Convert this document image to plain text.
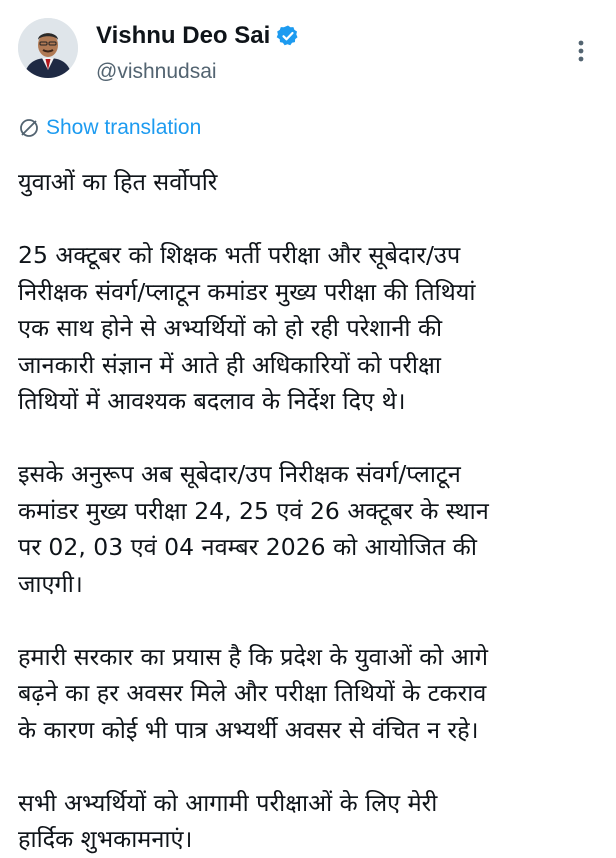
Vishnu Deo Sai
@vishnudsai
Show translation

युवाओं का हित सर्वोपरि

25 अक्टूबर को शिक्षक भर्ती परीक्षा और सूबेदार/उप
निरीक्षक संवर्ग/प्लाटून कमांडर मुख्य परीक्षा की तिथियां
एक साथ होने से अभ्यर्थियों को हो रही परेशानी की
जानकारी संज्ञान में आते ही अधिकारियों को परीक्षा
तिथियों में आवश्यक बदलाव के निर्देश दिए थे।

इसके अनुरूप अब सूबेदार/उप निरीक्षक संवर्ग/प्लाटून
कमांडर मुख्य परीक्षा 24, 25 एवं 26 अक्टूबर के स्थान
पर 02, 03 एवं 04 नवम्बर 2026 को आयोजित की
जाएगी।

हमारी सरकार का प्रयास है कि प्रदेश के युवाओं को आगे
बढ़ने का हर अवसर मिले और परीक्षा तिथियों के टकराव
के कारण कोई भी पात्र अभ्यर्थी अवसर से वंचित न रहे।

सभी अभ्यर्थियों को आगामी परीक्षाओं के लिए मेरी
हार्दिक शुभकामनाएं।
